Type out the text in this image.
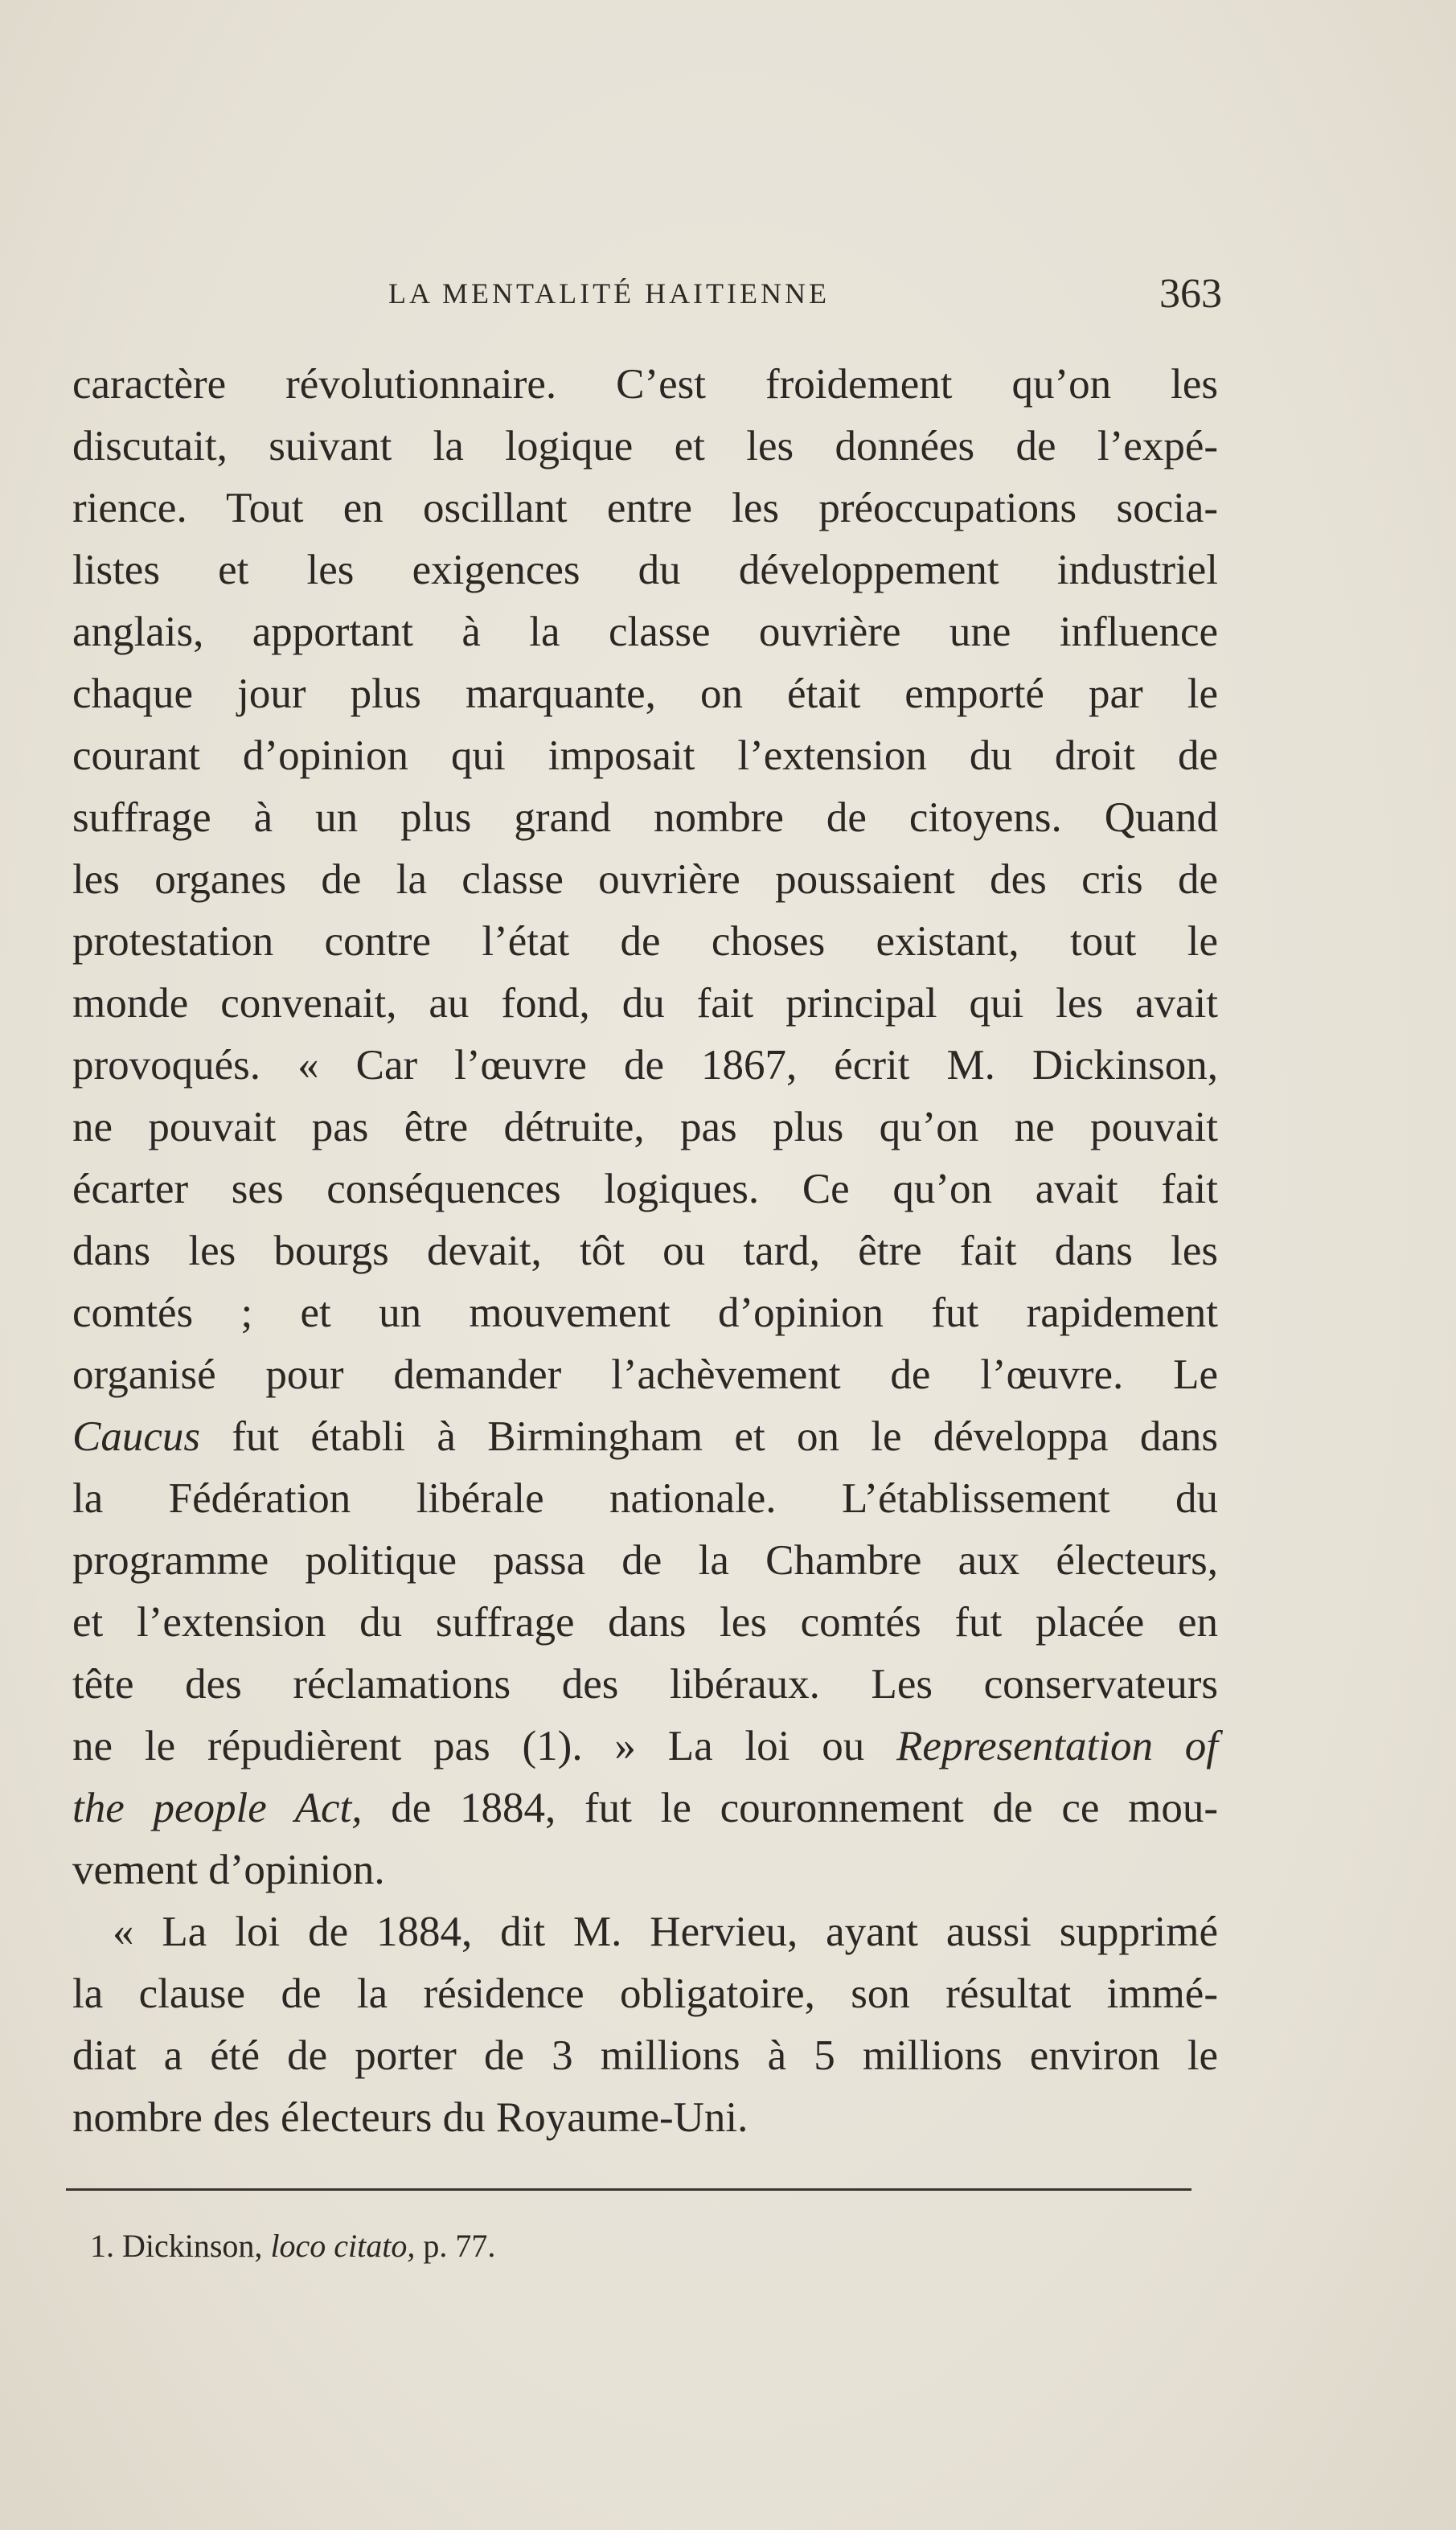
LA MENTALITÉ HAITIENNE	363
caractère révolutionnaire. C’est froidement qu’on les
discutait, suivant la logique et les données de l’expé-
rience. Tout en oscillant entre les préoccupations socia-
listes et les exigences du développement industriel
anglais, apportant à la classe ouvrière une influence
chaque jour plus marquante, on était emporté par le
courant d’opinion qui imposait l’extension du droit de
suffrage à un plus grand nombre de citoyens. Quand
les organes de la classe ouvrière poussaient des cris de
protestation contre l’état de choses existant, tout le
monde convenait, au fond, du fait principal qui les avait
provoqués. « Car l’œuvre de 1867, écrit M. Dickinson,
ne pouvait pas être détruite, pas plus qu’on ne pouvait
écarter ses conséquences logiques. Ce qu’on avait fait
dans les bourgs devait, tôt ou tard, être fait dans les
comtés ; et un mouvement d’opinion fut rapidement
organisé pour demander l’achèvement de l’œuvre. Le
Caucus fut établi à Birmingham et on le développa dans
la Fédération libérale nationale. L’établissement du
programme politique passa de la Chambre aux électeurs,
et l’extension du suffrage dans les comtés fut placée en
tête des réclamations des libéraux. Les conservateurs
ne le répudièrent pas (1). » La loi ou Representation of
the people Act, de 1884, fut le couronnement de ce mou-
vement d’opinion.
« La loi de 1884, dit M. Hervieu, ayant aussi supprimé
la clause de la résidence obligatoire, son résultat immé-
diat a été de porter de 3 millions à 5 millions environ le
nombre des électeurs du Royaume-Uni.
1. Dickinson, loco citato, p. 77.
